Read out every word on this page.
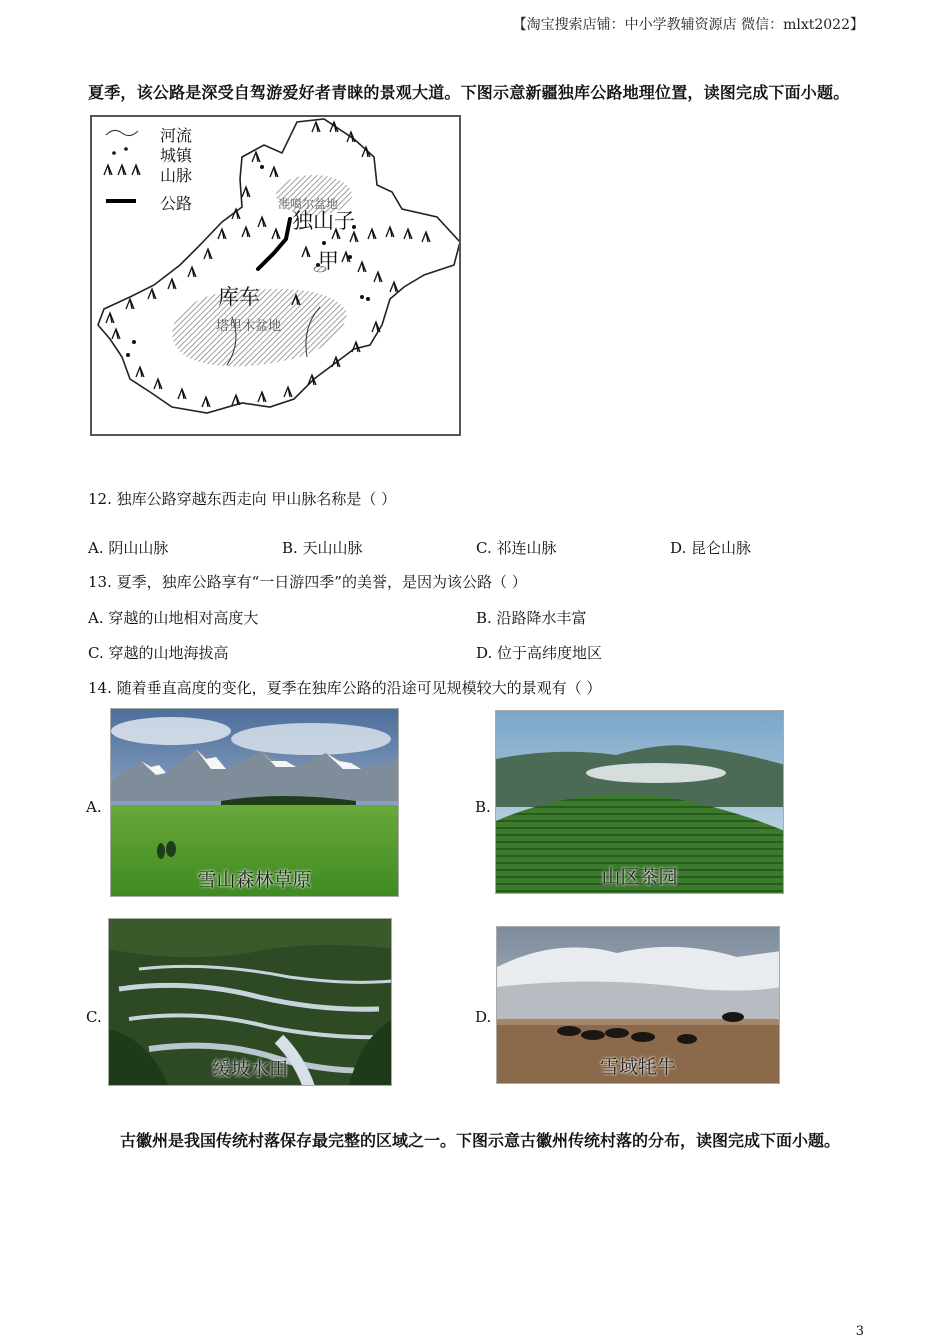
【淘宝搜索店铺：中小学教辅资源店 微信：mlxt2022】
夏季，该公路是深受自驾游爱好者青睐的景观大道。下图示意新疆独库公路地理位置，读图完成下面小题。
河流
城镇
山脉
公路	准噶尔盆地
独山子
甲
库车
塔里木盆地
12. 独库公路穿越东西走向 甲山脉名称是（ ）
A. 阴山山脉	B. 天山山脉	C. 祁连山脉	D. 昆仑山脉
13. 夏季，独库公路享有“一日游四季”的美誉，是因为该公路（ ）
A. 穿越的山地相对高度大	B. 沿路降水丰富
C. 穿越的山地海拔高	D. 位于高纬度地区
14. 随着垂直高度的变化，夏季在独库公路的沿途可见规模较大的景观有（ ）
A.
雪山森林草原
B.
山区茶园
C.
缓坡水田
D.
雪域牦牛
古徽州是我国传统村落保存最完整的区域之一。下图示意古徽州传统村落的分布，读图完成下面小题。
3
